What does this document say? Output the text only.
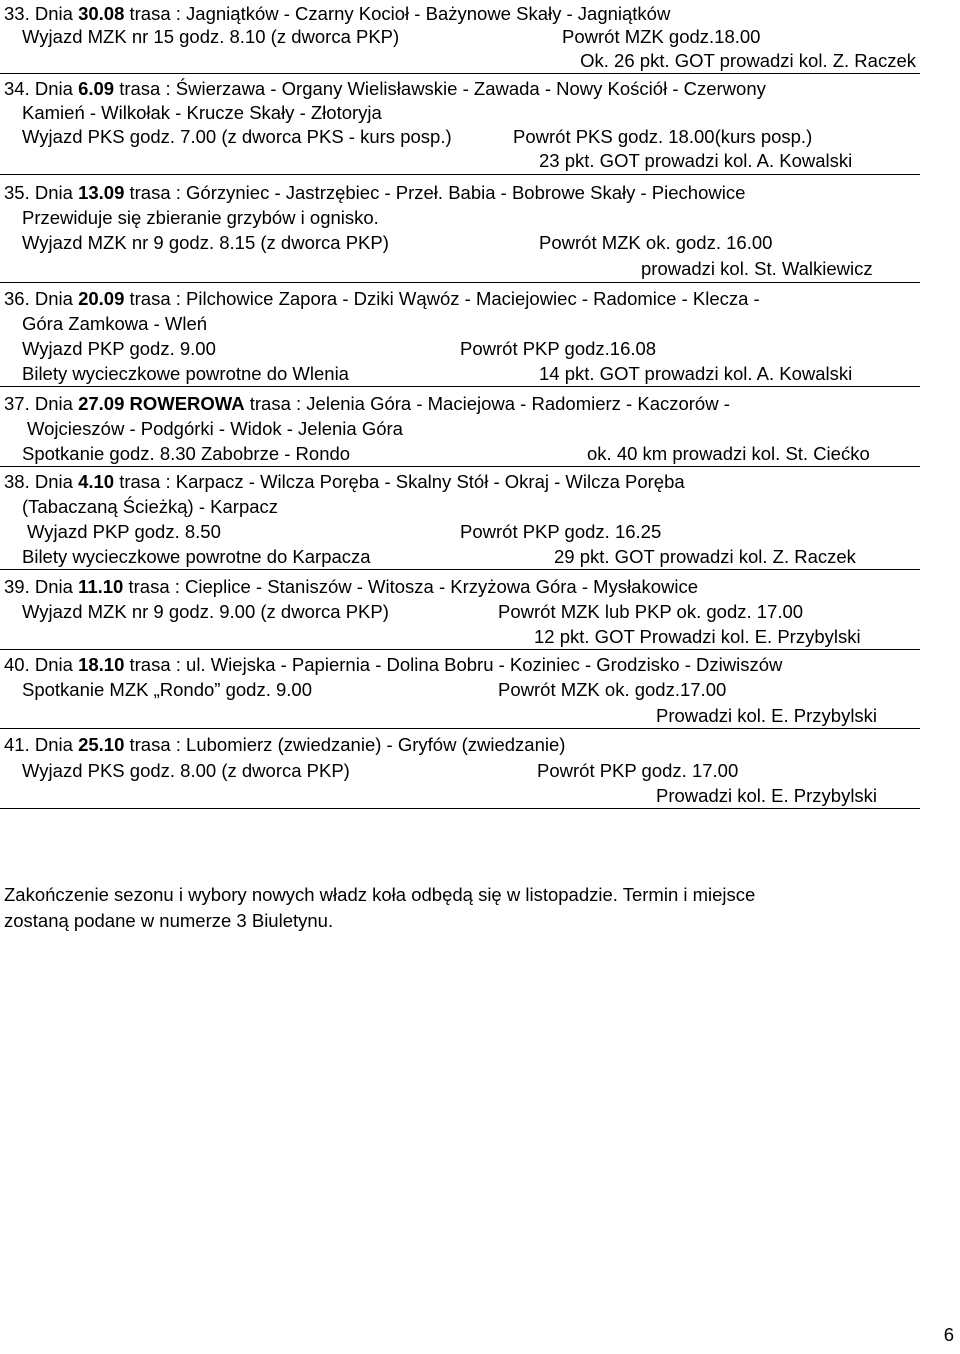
33. Dnia 30.08 trasa : Jagniątków - Czarny Kocioł - Bażynowe Skały - Jagniątków
Wyjazd MZK nr 15 godz. 8.10 (z dworca PKP)	Powrót MZK godz.18.00
Ok. 26 pkt. GOT prowadzi kol. Z. Raczek
34. Dnia 6.09 trasa : Świerzawa - Organy Wielisławskie - Zawada - Nowy Kościół - Czerwony
Kamień - Wilkołak - Krucze Skały - Złotoryja
Wyjazd PKS godz. 7.00 (z dworca PKS - kurs posp.)	Powrót PKS godz. 18.00(kurs posp.)
23 pkt. GOT prowadzi kol. A. Kowalski
35. Dnia 13.09 trasa : Górzyniec - Jastrzębiec - Przeł. Babia - Bobrowe Skały - Piechowice
Przewiduje się zbieranie grzybów i ognisko.
Wyjazd MZK nr 9 godz. 8.15 (z dworca PKP)	Powrót MZK ok. godz. 16.00
prowadzi kol. St. Walkiewicz
36. Dnia 20.09 trasa : Pilchowice Zapora - Dziki Wąwóz - Maciejowiec - Radomice - Klecza -
Góra Zamkowa - Wleń
Wyjazd PKP godz. 9.00	Powrót PKP godz.16.08
Bilety wycieczkowe powrotne do Wlenia	14 pkt. GOT prowadzi kol. A. Kowalski
37. Dnia 27.09 ROWEROWA trasa : Jelenia Góra - Maciejowa - Radomierz - Kaczorów -
Wojcieszów - Podgórki - Widok - Jelenia Góra
Spotkanie godz. 8.30 Zabobrze - Rondo	ok. 40 km prowadzi kol. St. Ciećko
38. Dnia 4.10 trasa : Karpacz - Wilcza Poręba - Skalny Stół - Okraj - Wilcza Poręba
(Tabaczaną Ścieżką) - Karpacz
Wyjazd PKP godz. 8.50	Powrót PKP godz. 16.25
Bilety wycieczkowe powrotne do Karpacza	29 pkt. GOT prowadzi kol. Z. Raczek
39. Dnia 11.10 trasa : Cieplice - Staniszów - Witosza - Krzyżowa Góra - Mysłakowice
Wyjazd MZK nr 9 godz. 9.00 (z dworca PKP)	Powrót MZK lub PKP ok. godz. 17.00
12 pkt. GOT Prowadzi kol. E. Przybylski
40. Dnia 18.10 trasa : ul. Wiejska - Papiernia - Dolina Bobru - Koziniec - Grodzisko - Dziwiszów
Spotkanie MZK „Rondo” godz. 9.00	Powrót MZK ok. godz.17.00
Prowadzi kol. E. Przybylski
41. Dnia 25.10 trasa : Lubomierz (zwiedzanie) - Gryfów (zwiedzanie)
Wyjazd PKS godz. 8.00 (z dworca PKP)	Powrót PKP godz. 17.00
Prowadzi kol. E. Przybylski
Zakończenie sezonu i wybory nowych władz koła odbędą się w listopadzie. Termin i miejsce
zostaną podane w numerze 3 Biuletynu.
6
